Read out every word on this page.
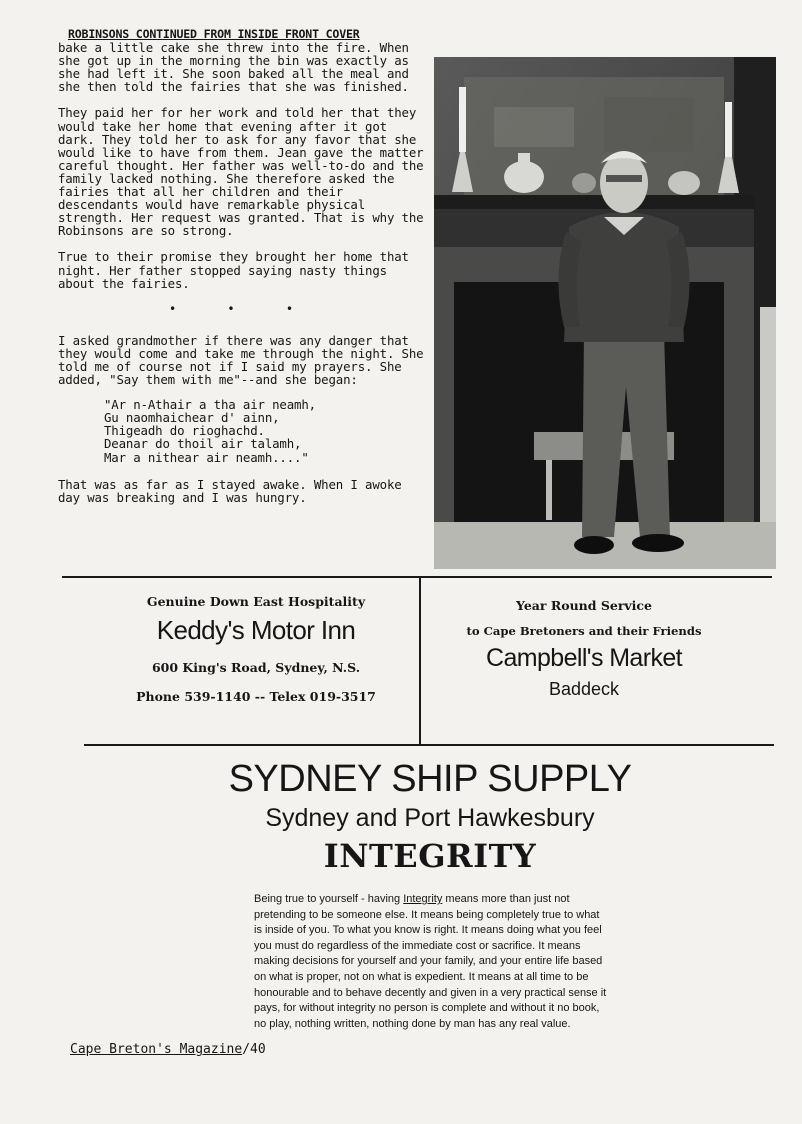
ROBINSONS CONTINUED FROM INSIDE FRONT COVER

bake a little cake she threw into the fire. When she got up in the morning the bin was exactly as she had left it. She soon baked all the meal and she then told the fairies that she was finished.

They paid her for her work and told her that they would take her home that evening after it got dark. They told her to ask for any favor that she would like to have from them. Jean gave the matter careful thought. Her father was well-to-do and the family lacked nothing. She therefore asked the fairies that all her children and their descendants would have remarkable physical strength. Her request was granted. That is why the Robinsons are so strong.

True to their promise they brought her home that night. Her father stopped saying nasty things about the fairies.

• • •

I asked grandmother if there was any danger that they would come and take me through the night. She told me of course not if I said my prayers. She added, "Say them with me"--and she began:

"Ar n-Athair a tha air neamh,
Gu naomhaichear d' ainn,
Thigeadh do rioghachd.
Deanar do thoil air talamh,
Mar a nithear air neamh...."

That was as far as I stayed awake. When I awoke day was breaking and I was hungry.

Genuine Down East Hospitality
Keddy's Motor Inn
600 King's Road, Sydney, N.S.
Phone 539-1140 -- Telex 019-3517
Year Round Service
to Cape Bretoners and their Friends
Campbell's Market
Baddeck
SYDNEY SHIP SUPPLY
Sydney and Port Hawkesbury
INTEGRITY
Being true to yourself - having Integrity means more than just not pretending to be someone else. It means being completely true to what is inside of you. To what you know is right. It means doing what you feel you must do regardless of the immediate cost or sacrifice. It means making decisions for yourself and your family, and your entire life based on what is proper, not on what is expedient. It means at all time to be honourable and to behave decently and given in a very practical sense it pays, for without integrity no person is complete and without it no book, no play, nothing written, nothing done by man has any real value.
Cape Breton's Magazine/40
